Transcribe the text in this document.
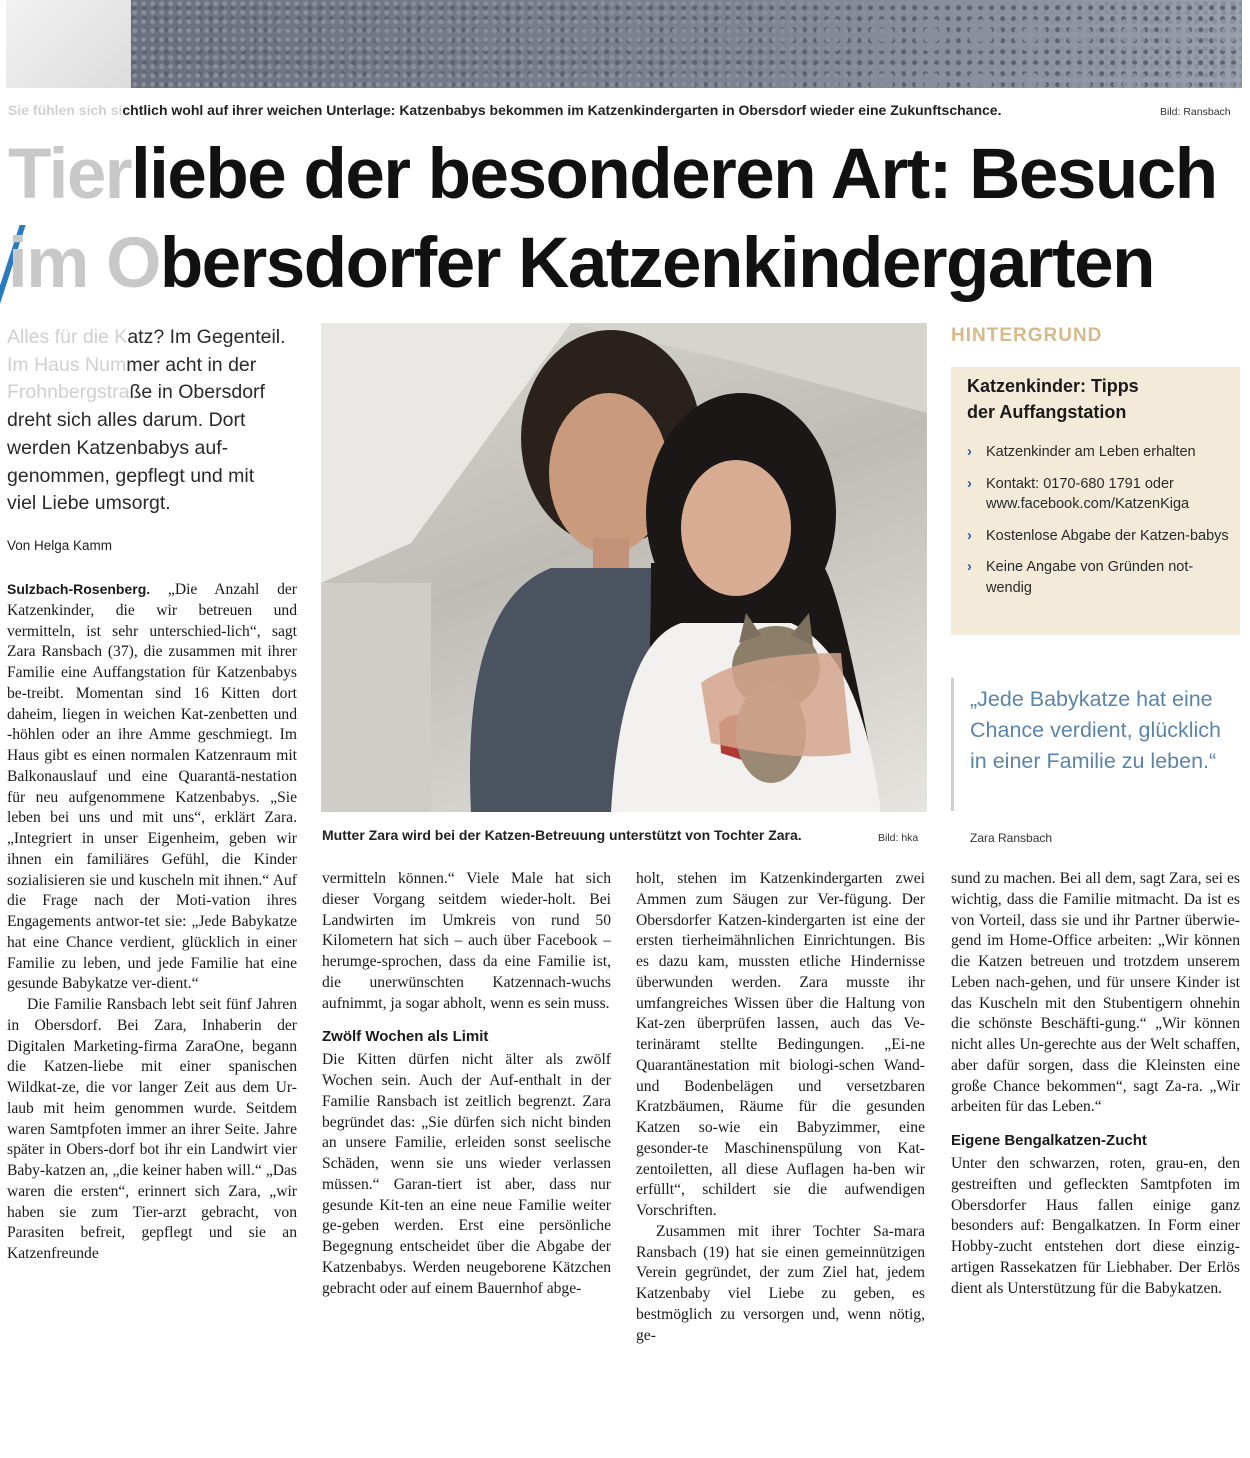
Sie fühlen sich sichtlich wohl auf ihrer weichen Unterlage: Katzenbabys bekommen im Katzenkindergarten in Obersdorf wieder eine Zukunftschance.	Bild: Ransbach
Tierliebe der besonderen Art: Besuch
im Obersdorfer Katzenkindergarten
Alles für die Katz? Im Gegenteil.
Im Haus Nummer acht in der
Frohnbergstraße in Obersdorf
dreht sich alles darum. Dort
werden Katzenbabys auf-
genommen, gepflegt und mit
viel Liebe umsorgt.
Von Helga Kamm

Sulzbach-Rosenberg. „Die Anzahl der Katzenkinder, die wir betreuen und vermitteln, ist sehr unterschied-lich“, sagt Zara Ransbach (37), die zusammen mit ihrer Familie eine Auffangstation für Katzenbabys be-treibt. Momentan sind 16 Kitten dort daheim, liegen in weichen Kat-zenbetten und -höhlen oder an ihre Amme geschmiegt. Im Haus gibt es einen normalen Katzenraum mit Balkonauslauf und eine Quarantä-nestation für neu aufgenommene Katzenbabys. „Sie leben bei uns und mit uns“, erklärt Zara. „Integriert in unser Eigenheim, geben wir ihnen ein familiäres Gefühl, die Kinder sozialisieren sie und kuscheln mit ihnen.“ Auf die Frage nach der Moti-vation ihres Engagements antwor-tet sie: „Jede Babykatze hat eine Chance verdient, glücklich in einer Familie zu leben, und jede Familie hat eine gesunde Babykatze ver-dient.“

Die Familie Ransbach lebt seit fünf Jahren in Obersdorf. Bei Zara, Inhaberin der Digitalen Marketing-firma ZaraOne, begann die Katzen-liebe mit einer spanischen Wildkat-ze, die vor langer Zeit aus dem Ur-laub mit heim genommen wurde. Seitdem waren Samtpfoten immer an ihrer Seite. Jahre später in Obers-dorf bot ihr ein Landwirt vier Baby-katzen an, „die keiner haben will.“ „Das waren die ersten“, erinnert sich Zara, „wir haben sie zum Tier-arzt gebracht, von Parasiten befreit, gepflegt und sie an Katzenfreunde

vermitteln können.“ Viele Male hat sich dieser Vorgang seitdem wieder-holt. Bei Landwirten im Umkreis von rund 50 Kilometern hat sich – auch über Facebook – herumge-sprochen, dass da eine Familie ist, die unerwünschten Katzennach-wuchs aufnimmt, ja sogar abholt, wenn es sein muss.

Zwölf Wochen als Limit

Die Kitten dürfen nicht älter als zwölf Wochen sein. Auch der Auf-enthalt in der Familie Ransbach ist zeitlich begrenzt. Zara begründet das: „Sie dürfen sich nicht binden an unsere Familie, erleiden sonst seelische Schäden, wenn sie uns wieder verlassen müssen.“ Garan-tiert ist aber, dass nur gesunde Kit-ten an eine neue Familie weiter ge-geben werden. Erst eine persönliche Begegnung entscheidet über die Abgabe der Katzenbabys. Werden neugeborene Kätzchen gebracht oder auf einem Bauernhof abge-

holt, stehen im Katzenkindergarten zwei Ammen zum Säugen zur Ver-fügung. Der Obersdorfer Katzen-kindergarten ist eine der ersten tierheimähnlichen Einrichtungen. Bis es dazu kam, mussten etliche Hindernisse überwunden werden. Zara musste ihr umfangreiches Wissen über die Haltung von Kat-zen überprüfen lassen, auch das Ve-terinäramt stellte Bedingungen. „Ei-ne Quarantänestation mit biologi-schen Wand- und Bodenbelägen und versetzbaren Kratzbäumen, Räume für die gesunden Katzen so-wie ein Babyzimmer, eine gesonder-te Maschinenspülung von Kat-zentoiletten, all diese Auflagen ha-ben wir erfüllt“, schildert sie die aufwendigen Vorschriften.

Zusammen mit ihrer Tochter Sa-mara Ransbach (19) hat sie einen gemeinnützigen Verein gegründet, der zum Ziel hat, jedem Katzenbaby viel Liebe zu geben, es bestmöglich zu versorgen und, wenn nötig, ge-

sund zu machen. Bei all dem, sagt Zara, sei es wichtig, dass die Familie mitmacht. Da ist es von Vorteil, dass sie und ihr Partner überwie-gend im Home-Office arbeiten: „Wir können die Katzen betreuen und trotzdem unserem Leben nach-gehen, und für unsere Kinder ist das Kuscheln mit den Stubentigern ohnehin die schönste Beschäfti-gung.“ „Wir können nicht alles Un-gerechte aus der Welt schaffen, aber dafür sorgen, dass die Kleinsten eine große Chance bekommen“, sagt Za-ra. „Wir arbeiten für das Leben.“

Eigene Bengalkatzen-Zucht

Unter den schwarzen, roten, grau-en, den gestreiften und gefleckten Samtpfoten im Obersdorfer Haus fallen einige ganz besonders auf: Bengalkatzen. In Form einer Hobby-zucht entstehen dort diese einzig-artigen Rassekatzen für Liebhaber. Der Erlös dient als Unterstützung für die Babykatzen.

Mutter Zara wird bei der Katzen-Betreuung unterstützt von Tochter Zara.	Bild: hka
HINTERGRUND
Katzenkinder: Tipps
der Auffangstation
› Katzenkinder am Leben erhalten
› Kontakt: 0170-680 1791 oder www.facebook.com/KatzenKiga
› Kostenlose Abgabe der Katzen-babys
› Keine Angabe von Gründen not-wendig
„Jede Babykatze hat eine Chance verdient, glücklich in einer Familie zu leben.“
Zara Ransbach
